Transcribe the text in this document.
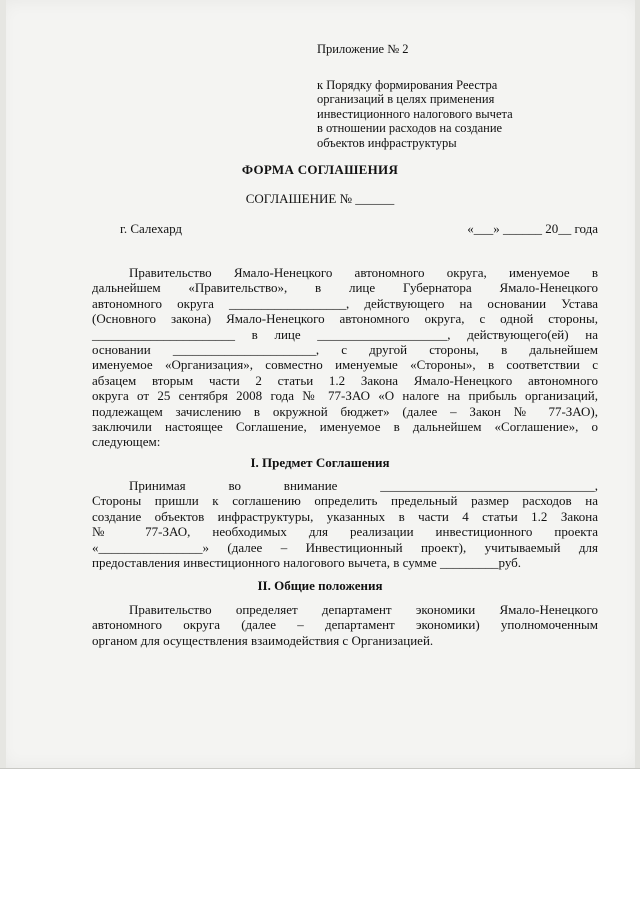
Приложение № 2
к Порядку формирования Реестра
организаций в целях применения
инвестиционного налогового вычета
в отношении расходов на создание
объектов инфраструктуры
ФОРМА СОГЛАШЕНИЯ
СОГЛАШЕНИЕ № ______
г. Салехард	«___» ______ 20__ года
Правительство Ямало-Ненецкого автономного округа, именуемое в
дальнейшем «Правительство», в лице Губернатора Ямало-Ненецкого
автономного округа __________________, действующего на основании Устава
(Основного закона) Ямало-Ненецкого автономного округа, с одной стороны,
______________________ в лице ____________________, действующего(ей) на
основании ______________________, с другой стороны, в дальнейшем
именуемое «Организация», совместно именуемые «Стороны», в соответствии с
абзацем вторым части 2 статьи 1.2 Закона Ямало-Ненецкого автономного
округа от 25 сентября 2008 года № 77-ЗАО «О налоге на прибыль организаций,
подлежащем зачислению в окружной бюджет» (далее – Закон № 77-ЗАО),
заключили настоящее Соглашение, именуемое в дальнейшем «Соглашение», о
следующем:
I. Предмет Соглашения
Принимая во внимание _________________________________,
Стороны пришли к соглашению определить предельный размер расходов на
создание объектов инфраструктуры, указанных в части 4 статьи 1.2 Закона
№ 77-ЗАО, необходимых для реализации инвестиционного проекта
«________________» (далее – Инвестиционный проект), учитываемый для
предоставления инвестиционного налогового вычета, в сумме _________руб.
II. Общие положения
Правительство определяет департамент экономики Ямало-Ненецкого
автономного округа (далее – департамент экономики) уполномоченным
органом для осуществления взаимодействия с Организацией.
